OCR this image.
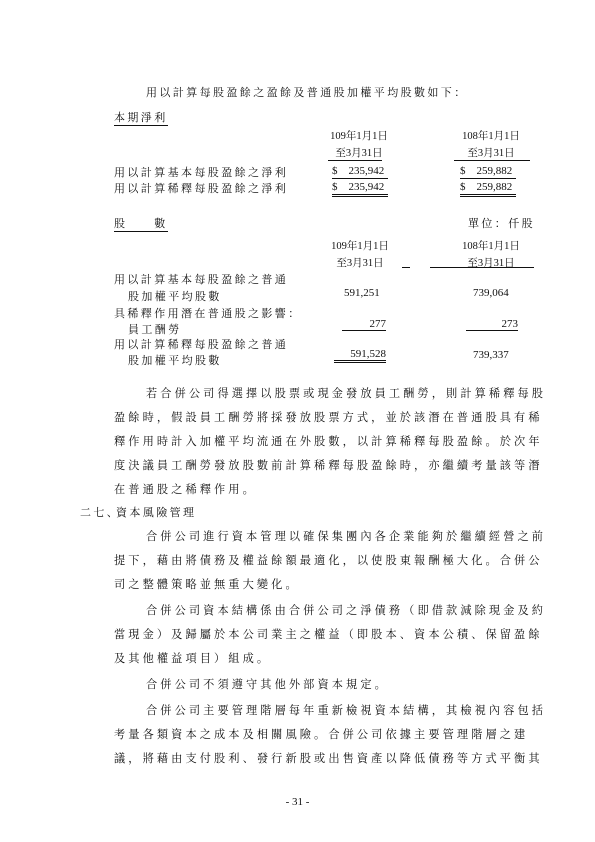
用以計算每股盈餘之盈餘及普通股加權平均股數如下：
本期淨利
109年1月1日
至3月31日
108年1月1日
至3月31日
用以計算基本每股盈餘之淨利	$　235,942	$　259,882
用以計算稀釋每股盈餘之淨利	$　235,942	$　259,882
股　　數	單位：仟股
109年1月1日
至3月31日
108年1月1日
至3月31日
用以計算基本每股盈餘之普通
股加權平均股數	591,251	739,064
具稀釋作用潛在普通股之影響：
員工酬勞	277	273
用以計算稀釋每股盈餘之普通
股加權平均股數	591,528	739,337
若合併公司得選擇以股票或現金發放員工酬勞，則計算稀釋每股
盈餘時，假設員工酬勞將採發放股票方式，並於該潛在普通股具有稀
釋作用時計入加權平均流通在外股數，以計算稀釋每股盈餘。於次年
度決議員工酬勞發放股數前計算稀釋每股盈餘時，亦繼續考量該等潛
在普通股之稀釋作用。
二七、
資本風險管理
合併公司進行資本管理以確保集團內各企業能夠於繼續經營之前
提下，藉由將債務及權益餘額最適化，以使股東報酬極大化。合併公
司之整體策略並無重大變化。
合併公司資本結構係由合併公司之淨債務（即借款減除現金及約
當現金）及歸屬於本公司業主之權益（即股本、資本公積、保留盈餘
及其他權益項目）組成。
合併公司不須遵守其他外部資本規定。
合併公司主要管理階層每年重新檢視資本結構，其檢視內容包括
考量各類資本之成本及相關風險。合併公司依據主要管理階層之建
議，將藉由支付股利、發行新股或出售資產以降低債務等方式平衡其
- 31 -
